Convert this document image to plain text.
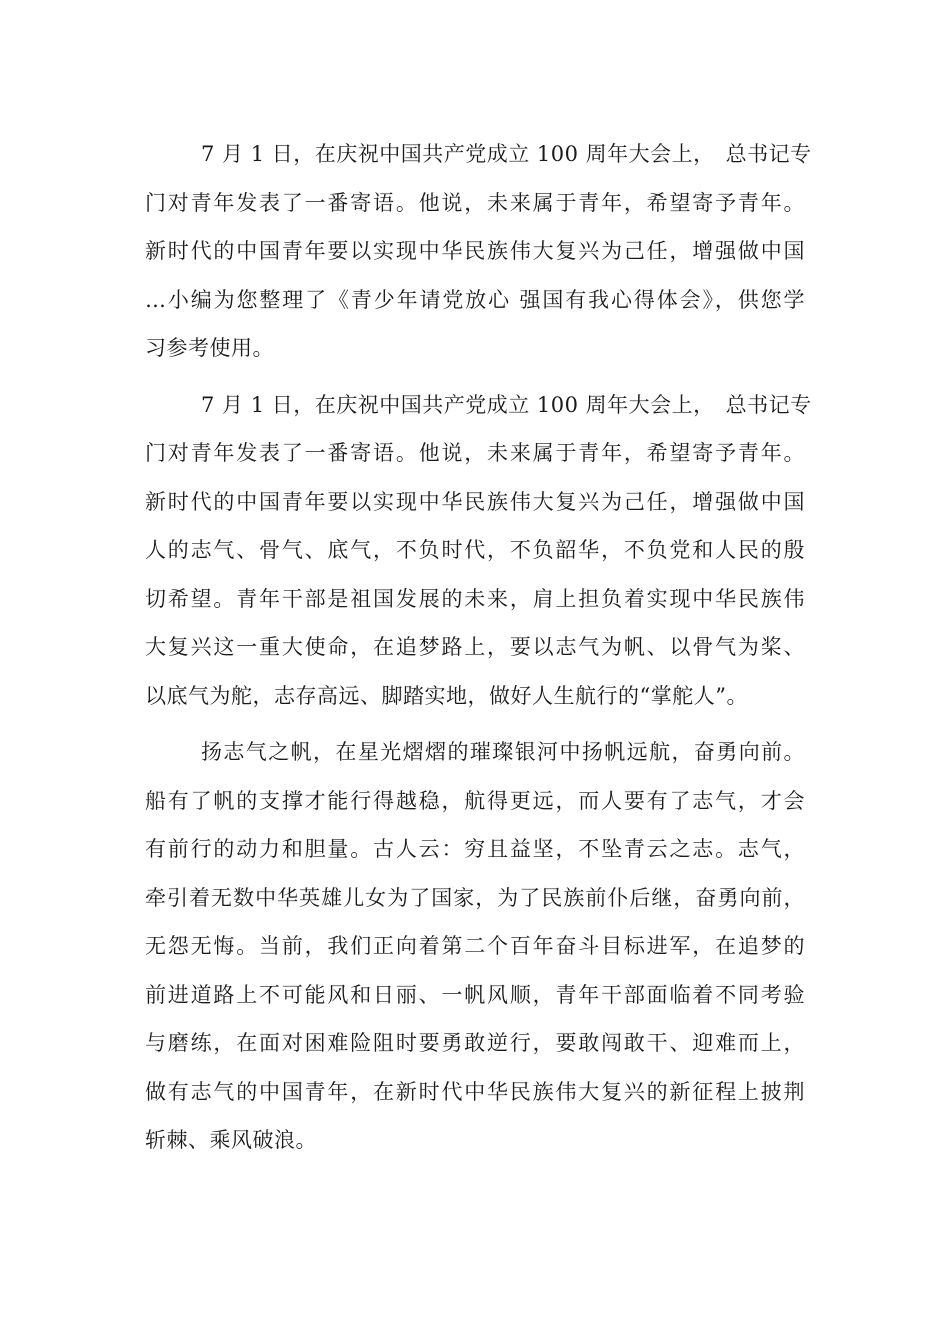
7 月 1 日，在庆祝中国共产党成立 100 周年大会上，　总书记专
门对青年发表了一番寄语。他说，未来属于青年，希望寄予青年。
新时代的中国青年要以实现中华民族伟大复兴为己任，增强做中国
…小编为您整理了《青少年请党放心 强国有我心得体会》，供您学
习参考使用。
7 月 1 日，在庆祝中国共产党成立 100 周年大会上，　总书记专
门对青年发表了一番寄语。他说，未来属于青年，希望寄予青年。
新时代的中国青年要以实现中华民族伟大复兴为己任，增强做中国
人的志气、骨气、底气，不负时代，不负韶华，不负党和人民的殷
切希望。青年干部是祖国发展的未来，肩上担负着实现中华民族伟
大复兴这一重大使命，在追梦路上，要以志气为帆、以骨气为桨、
以底气为舵，志存高远、脚踏实地，做好人生航行的“掌舵人”。
扬志气之帆，在星光熠熠的璀璨银河中扬帆远航，奋勇向前。
船有了帆的支撑才能行得越稳，航得更远，而人要有了志气，才会
有前行的动力和胆量。古人云：穷且益坚，不坠青云之志。志气，
牵引着无数中华英雄儿女为了国家，为了民族前仆后继，奋勇向前，
无怨无悔。当前，我们正向着第二个百年奋斗目标进军，在追梦的
前进道路上不可能风和日丽、一帆风顺，青年干部面临着不同考验
与磨练，在面对困难险阻时要勇敢逆行，要敢闯敢干、迎难而上，
做有志气的中国青年，在新时代中华民族伟大复兴的新征程上披荆
斩棘、乘风破浪。
